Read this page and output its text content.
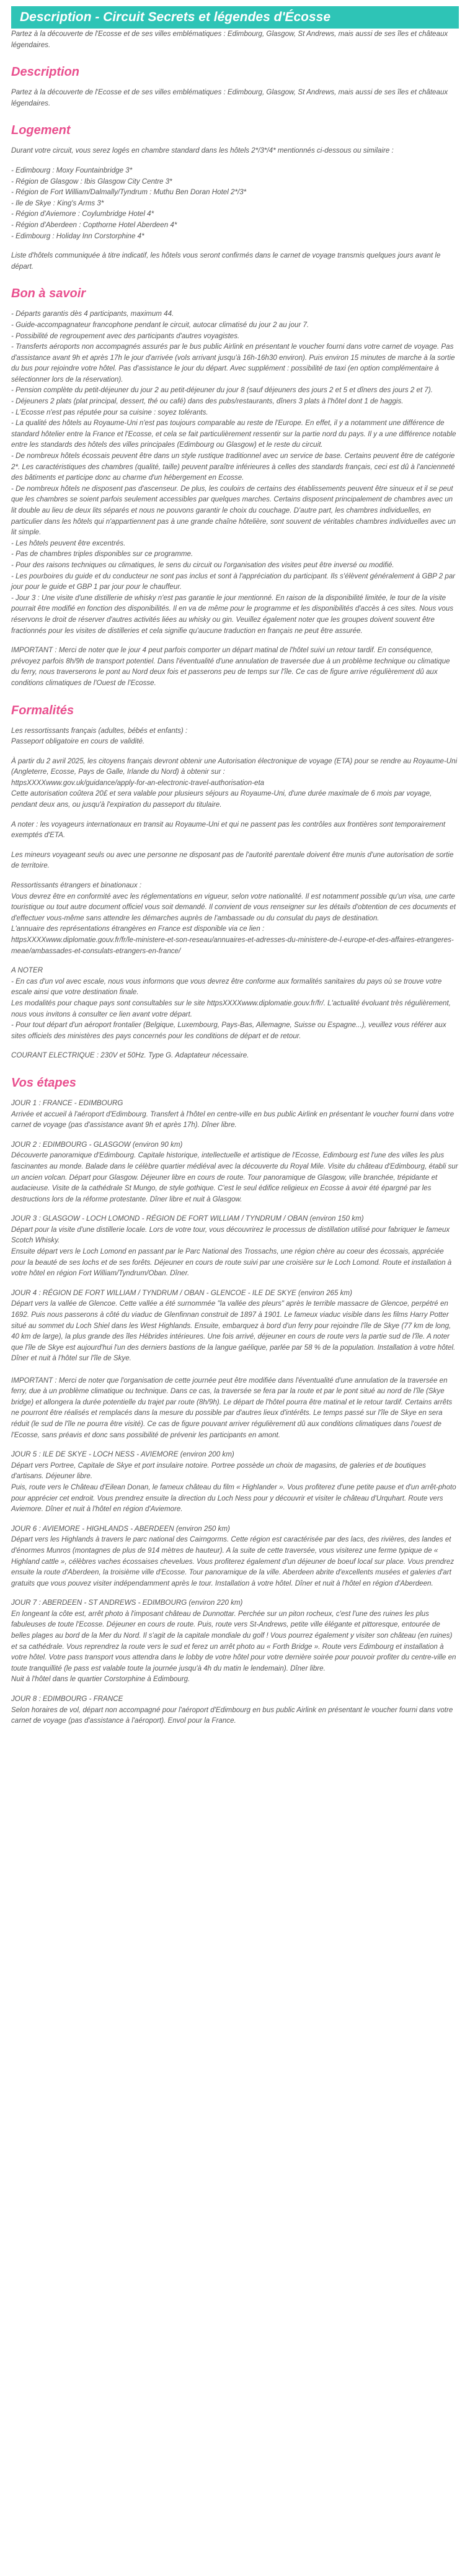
Description - Circuit Secrets et légendes d'Écosse

Partez à la découverte de l'Ecosse et de ses villes emblématiques : Edimbourg, Glasgow, St Andrews, mais aussi de ses îles et châteaux légendaires.

Description

Partez à la découverte de l'Ecosse et de ses villes emblématiques : Edimbourg, Glasgow, St Andrews, mais aussi de ses îles et châteaux légendaires.

Logement

Durant votre circuit, vous serez logés en chambre standard dans les hôtels 2*/3*/4* mentionnés ci-dessous ou similaire :

- Edimbourg : Moxy Fountainbridge 3*
- Région de Glasgow : Ibis Glasgow City Centre 3*
- Région de Fort William/Dalmally/Tyndrum : Muthu Ben Doran Hotel 2*/3*
- Ile de Skye : King's Arms 3*
- Région d'Aviemore : Coylumbridge Hotel 4*
- Région d'Aberdeen : Copthorne Hotel Aberdeen 4*
- Edimbourg : Holiday Inn Corstorphine 4*

Liste d'hôtels communiquée à titre indicatif, les hôtels vous seront confirmés dans le carnet de voyage transmis quelques jours avant le départ.

Bon à savoir

- Départs garantis dès 4 participants, maximum 44.
- Guide-accompagnateur francophone pendant le circuit, autocar climatisé du jour 2 au jour 7.
- Possibilité de regroupement avec des participants d'autres voyagistes.
- Transferts aéroports non accompagnés assurés par le bus public Airlink en présentant le voucher fourni dans votre carnet de voyage. Pas d'assistance avant 9h et après 17h le jour d'arrivée (vols arrivant jusqu'à 16h-16h30 environ). Puis environ 15 minutes de marche à la sortie du bus pour rejoindre votre hôtel. Pas d'assistance le jour du départ. Avec supplément : possibilité de taxi (en option complémentaire à sélectionner lors de la réservation).
- Pension complète du petit-déjeuner du jour 2 au petit-déjeuner du jour 8 (sauf déjeuners des jours 2 et 5 et dîners des jours 2 et 7).
- Déjeuners 2 plats (plat principal, dessert, thé ou café) dans des pubs/restaurants, dîners 3 plats à l'hôtel dont 1 de haggis.
- L'Ecosse n'est pas réputée pour sa cuisine : soyez tolérants.
- La qualité des hôtels au Royaume-Uni n'est pas toujours comparable au reste de l'Europe. En effet, il y a notamment une différence de standard hôtelier entre la France et l'Ecosse, et cela se fait particulièrement ressentir sur la partie nord du pays. Il y a une différence notable entre les standards des hôtels des villes principales (Edimbourg ou Glasgow) et le reste du circuit.
- De nombreux hôtels écossais peuvent être dans un style rustique traditionnel avec un service de base. Certains peuvent être de catégorie 2*. Les caractéristiques des chambres (qualité, taille) peuvent paraître inférieures à celles des standards français, ceci est dû à l'ancienneté des bâtiments et participe donc au charme d'un hébergement en Ecosse.
- De nombreux hôtels ne disposent pas d'ascenseur. De plus, les couloirs de certains des établissements peuvent être sinueux et il se peut que les chambres se soient parfois seulement accessibles par quelques marches. Certains disposent principalement de chambres avec un lit double au lieu de deux lits séparés et nous ne pouvons garantir le choix du couchage. D'autre part, les chambres individuelles, en particulier dans les hôtels qui n'appartiennent pas à une grande chaîne hôtelière, sont souvent de véritables chambres individuelles avec un lit simple.
- Les hôtels peuvent être excentrés.
- Pas de chambres triples disponibles sur ce programme.
- Pour des raisons techniques ou climatiques, le sens du circuit ou l'organisation des visites peut être inversé ou modifié.
- Les pourboires du guide et du conducteur ne sont pas inclus et sont à l'appréciation du participant. Ils s'élèvent généralement à GBP 2 par jour pour le guide et GBP 1 par jour pour le chauffeur.
- Jour 3 : Une visite d'une distillerie de whisky n'est pas garantie le jour mentionné. En raison de la disponibilité limitée, le tour de la visite pourrait être modifié en fonction des disponibilités. Il en va de même pour le programme et les disponibilités d'accès à ces sites. Nous vous réservons le droit de réserver d'autres activités liées au whisky ou gin. Veuillez également noter que les groupes doivent souvent être fractionnés pour les visites de distilleries et cela signifie qu'aucune traduction en français ne peut être assurée.

IMPORTANT : Merci de noter que le jour 4 peut parfois comporter un départ matinal de l'hôtel suivi un retour tardif. En conséquence, prévoyez parfois 8h/9h de transport potentiel. Dans l'éventualité d'une annulation de traversée due à un problème technique ou climatique du ferry, nous traverserons le pont au Nord deux fois et passerons peu de temps sur l'île. Ce cas de figure arrive régulièrement dû aux conditions climatiques de l'Ouest de l'Ecosse.

Formalités

Les ressortissants français (adultes, bébés et enfants) :
Passeport obligatoire en cours de validité.

À partir du 2 avril 2025, les citoyens français devront obtenir une Autorisation électronique de voyage (ETA) pour se rendre au Royaume-Uni (Angleterre, Ecosse, Pays de Galle, Irlande du Nord) à obtenir sur :
httpsXXXXwww.gov.uk/guidance/apply-for-an-electronic-travel-authorisation-eta
Cette autorisation coûtera 20£ et sera valable pour plusieurs séjours au Royaume-Uni, d'une durée maximale de 6 mois par voyage, pendant deux ans, ou jusqu'à l'expiration du passeport du titulaire.

A noter : les voyageurs internationaux en transit au Royaume-Uni et qui ne passent pas les contrôles aux frontières sont temporairement exemptés d'ETA.

Les mineurs voyageant seuls ou avec une personne ne disposant pas de l'autorité parentale doivent être munis d'une autorisation de sortie de territoire.

Ressortissants étrangers et binationaux :
Vous devrez être en conformité avec les réglementations en vigueur, selon votre nationalité. Il est notamment possible qu'un visa, une carte touristique ou tout autre document officiel vous soit demandé. Il convient de vous renseigner sur les détails d'obtention de ces documents et d'effectuer vous-même sans attendre les démarches auprès de l'ambassade ou du consulat du pays de destination.
L'annuaire des représentations étrangères en France est disponible via ce lien :
httpsXXXXwww.diplomatie.gouv.fr/fr/le-ministere-et-son-reseau/annuaires-et-adresses-du-ministere-de-l-europe-et-des-affaires-etrangeres-meae/ambassades-et-consulats-etrangers-en-france/

A NOTER
- En cas d'un vol avec escale, nous vous informons que vous devrez être conforme aux formalités sanitaires du pays où se trouve votre escale ainsi que votre destination finale.
Les modalités pour chaque pays sont consultables sur le site httpsXXXXwww.diplomatie.gouv.fr/fr/. L'actualité évoluant très régulièrement, nous vous invitons à consulter ce lien avant votre départ.
- Pour tout départ d'un aéroport frontalier (Belgique, Luxembourg, Pays-Bas, Allemagne, Suisse ou Espagne...), veuillez vous référer aux sites officiels des ministères des pays concernés pour les conditions de départ et de retour.

COURANT ELECTRIQUE : 230V et 50Hz. Type G. Adaptateur nécessaire.

Vos étapes

JOUR 1 : FRANCE - EDIMBOURG

Arrivée et accueil à l'aéroport d'Edimbourg. Transfert à l'hôtel en centre-ville en bus public Airlink en présentant le voucher fourni dans votre carnet de voyage (pas d'assistance avant 9h et après 17h). Dîner libre.

JOUR 2 : EDIMBOURG - GLASGOW (environ 90 km)

Découverte panoramique d'Edimbourg. Capitale historique, intellectuelle et artistique de l'Ecosse, Edimbourg est l'une des villes les plus fascinantes au monde. Balade dans le célèbre quartier médiéval avec la découverte du Royal Mile. Visite du château d'Edimbourg, établi sur un ancien volcan. Départ pour Glasgow. Déjeuner libre en cours de route. Tour panoramique de Glasgow, ville branchée, trépidante et audacieuse. Visite de la cathédrale St Mungo, de style gothique. C'est le seul édifice religieux en Ecosse à avoir été épargné par les destructions lors de la réforme protestante. Dîner libre et nuit à Glasgow.

JOUR 3 : GLASGOW - LOCH LOMOND - RÉGION DE FORT WILLIAM / TYNDRUM / OBAN (environ 150 km)

Départ pour la visite d'une distillerie locale. Lors de votre tour, vous découvrirez le processus de distillation utilisé pour fabriquer le fameux Scotch Whisky.
Ensuite départ vers le Loch Lomond en passant par le Parc National des Trossachs, une région chère au coeur des écossais, appréciée pour la beauté de ses lochs et de ses forêts. Déjeuner en cours de route suivi par une croisière sur le Loch Lomond. Route et installation à votre hôtel en région Fort William/Tyndrum/Oban. Dîner.

JOUR 4 : RÉGION DE FORT WILLIAM / TYNDRUM / OBAN - GLENCOE - ILE DE SKYE (environ 265 km)

Départ vers la vallée de Glencoe. Cette vallée a été surnommée "la vallée des pleurs" après le terrible massacre de Glencoe, perpétré en 1692. Puis nous passerons à côté du viaduc de Glenfinnan construit de 1897 à 1901. Le fameux viaduc visible dans les films Harry Potter situé au sommet du Loch Shiel dans les West Highlands. Ensuite, embarquez à bord d'un ferry pour rejoindre l'île de Skye (77 km de long, 40 km de large), la plus grande des îles Hébrides intérieures. Une fois arrivé, déjeuner en cours de route vers la partie sud de l'île. A noter que l'île de Skye est aujourd'hui l'un des derniers bastions de la langue gaélique, parlée par 58 % de la population. Installation à votre hôtel. Dîner et nuit à l'hôtel sur l'île de Skye.

IMPORTANT : Merci de noter que l'organisation de cette journée peut être modifiée dans l'éventualité d'une annulation de la traversée en ferry, due à un problème climatique ou technique. Dans ce cas, la traversée se fera par la route et par le pont situé au nord de l'île (Skye bridge) et allongera la durée potentielle du trajet par route (8h/9h). Le départ de l'hôtel pourra être matinal et le retour tardif. Certains arrêts ne pourront être réalisés et remplacés dans la mesure du possible par d'autres lieux d'intérêts. Le temps passé sur l'île de Skye en sera réduit (le sud de l'île ne pourra être visité). Ce cas de figure pouvant arriver régulièrement dû aux conditions climatiques dans l'ouest de l'Ecosse, sans préavis et donc sans possibilité de prévenir les participants en amont.

JOUR 5 : ILE DE SKYE - LOCH NESS - AVIEMORE (environ 200 km)

Départ vers Portree, Capitale de Skye et port insulaire notoire. Portree possède un choix de magasins, de galeries et de boutiques d'artisans. Déjeuner libre.
Puis, route vers le Château d'Eilean Donan, le fameux château du film « Highlander ». Vous profiterez d'une petite pause et d'un arrêt-photo pour apprécier cet endroit. Vous prendrez ensuite la direction du Loch Ness pour y découvrir et visiter le château d'Urquhart. Route vers Aviemore. Dîner et nuit à l'hôtel en région d'Aviemore.

JOUR 6 : AVIEMORE - HIGHLANDS - ABERDEEN (environ 250 km)

Départ vers les Highlands à travers le parc national des Cairngorms. Cette région est caractérisée par des lacs, des rivières, des landes et d'énormes Munros (montagnes de plus de 914 mètres de hauteur). A la suite de cette traversée, vous visiterez une ferme typique de « Highland cattle », célèbres vaches écossaises chevelues. Vous profiterez également d'un déjeuner de boeuf local sur place. Vous prendrez ensuite la route d'Aberdeen, la troisième ville d'Ecosse. Tour panoramique de la ville. Aberdeen abrite d'excellents musées et galeries d'art gratuits que vous pouvez visiter indépendamment après le tour. Installation à votre hôtel. Dîner et nuit à l'hôtel en région d'Aberdeen.

JOUR 7 : ABERDEEN - ST ANDREWS - EDIMBOURG (environ 220 km)

En longeant la côte est, arrêt photo à l'imposant château de Dunnottar. Perchée sur un piton rocheux, c'est l'une des ruines les plus fabuleuses de toute l'Ecosse. Déjeuner en cours de route. Puis, route vers St-Andrews, petite ville élégante et pittoresque, entourée de belles plages au bord de la Mer du Nord. Il s'agit de la capitale mondiale du golf ! Vous pourrez également y visiter son château (en ruines) et sa cathédrale. Vous reprendrez la route vers le sud et ferez un arrêt photo au « Forth Bridge ». Route vers Edimbourg et installation à votre hôtel. Votre pass transport vous attendra dans le lobby de votre hôtel pour votre dernière soirée pour pouvoir profiter du centre-ville en toute tranquillité (le pass est valable toute la journée jusqu'à 4h du matin le lendemain). Dîner libre.
Nuit à l'hôtel dans le quartier Corstorphine à Edimbourg.

JOUR 8 : EDIMBOURG - FRANCE

Selon horaires de vol, départ non accompagné pour l'aéroport d'Edimbourg en bus public Airlink en présentant le voucher fourni dans votre carnet de voyage (pas d'assistance à l'aéroport). Envol pour la France.
